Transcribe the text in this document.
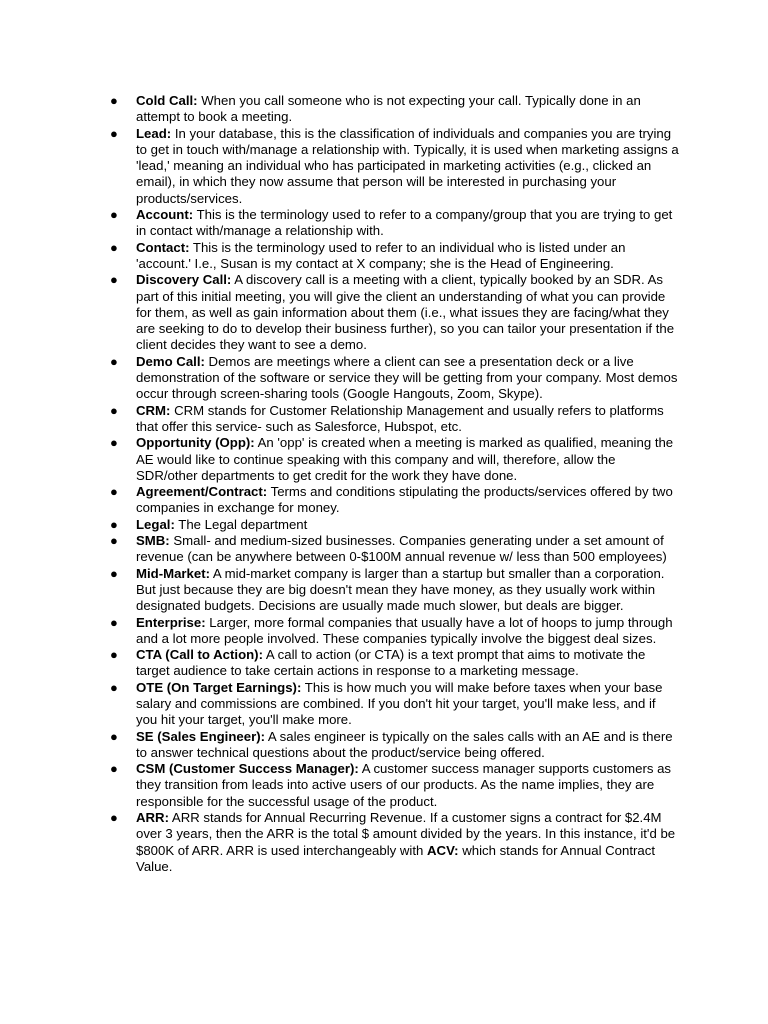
●	Cold Call: When you call someone who is not expecting your call. Typically done in an attempt to book a meeting.
●	Lead: In your database, this is the classification of individuals and companies you are trying to get in touch with/manage a relationship with. Typically, it is used when marketing assigns a 'lead,' meaning an individual who has participated in marketing activities (e.g., clicked an email), in which they now assume that person will be interested in purchasing your products/services.
●	Account: This is the terminology used to refer to a company/group that you are trying to get in contact with/manage a relationship with.
●	Contact: This is the terminology used to refer to an individual who is listed under an 'account.' I.e., Susan is my contact at X company; she is the Head of Engineering.
●	Discovery Call: A discovery call is a meeting with a client, typically booked by an SDR. As part of this initial meeting, you will give the client an understanding of what you can provide for them, as well as gain information about them (i.e., what issues they are facing/what they are seeking to do to develop their business further), so you can tailor your presentation if the client decides they want to see a demo.
●	Demo Call: Demos are meetings where a client can see a presentation deck or a live demonstration of the software or service they will be getting from your company. Most demos occur through screen-sharing tools (Google Hangouts, Zoom, Skype).
●	CRM: CRM stands for Customer Relationship Management and usually refers to platforms that offer this service- such as Salesforce, Hubspot, etc.
●	Opportunity (Opp): An 'opp' is created when a meeting is marked as qualified, meaning the AE would like to continue speaking with this company and will, therefore, allow the SDR/other departments to get credit for the work they have done.
●	Agreement/Contract: Terms and conditions stipulating the products/services offered by two companies in exchange for money.
●	Legal: The Legal department
●	SMB: Small- and medium-sized businesses. Companies generating under a set amount of revenue (can be anywhere between 0-$100M annual revenue w/ less than 500 employees)
●	Mid-Market: A mid-market company is larger than a startup but smaller than a corporation. But just because they are big doesn't mean they have money, as they usually work within designated budgets. Decisions are usually made much slower, but deals are bigger.
●	Enterprise: Larger, more formal companies that usually have a lot of hoops to jump through and a lot more people involved. These companies typically involve the biggest deal sizes.
●	CTA (Call to Action): A call to action (or CTA) is a text prompt that aims to motivate the target audience to take certain actions in response to a marketing message.
●	OTE (On Target Earnings): This is how much you will make before taxes when your base salary and commissions are combined. If you don't hit your target, you'll make less, and if you hit your target, you'll make more.
●	SE (Sales Engineer): A sales engineer is typically on the sales calls with an AE and is there to answer technical questions about the product/service being offered.
●	CSM (Customer Success Manager): A customer success manager supports customers as they transition from leads into active users of our products. As the name implies, they are responsible for the successful usage of the product.
●	ARR: ARR stands for Annual Recurring Revenue. If a customer signs a contract for $2.4M over 3 years, then the ARR is the total $ amount divided by the years. In this instance, it'd be $800K of ARR. ARR is used interchangeably with ACV: which stands for Annual Contract Value.
